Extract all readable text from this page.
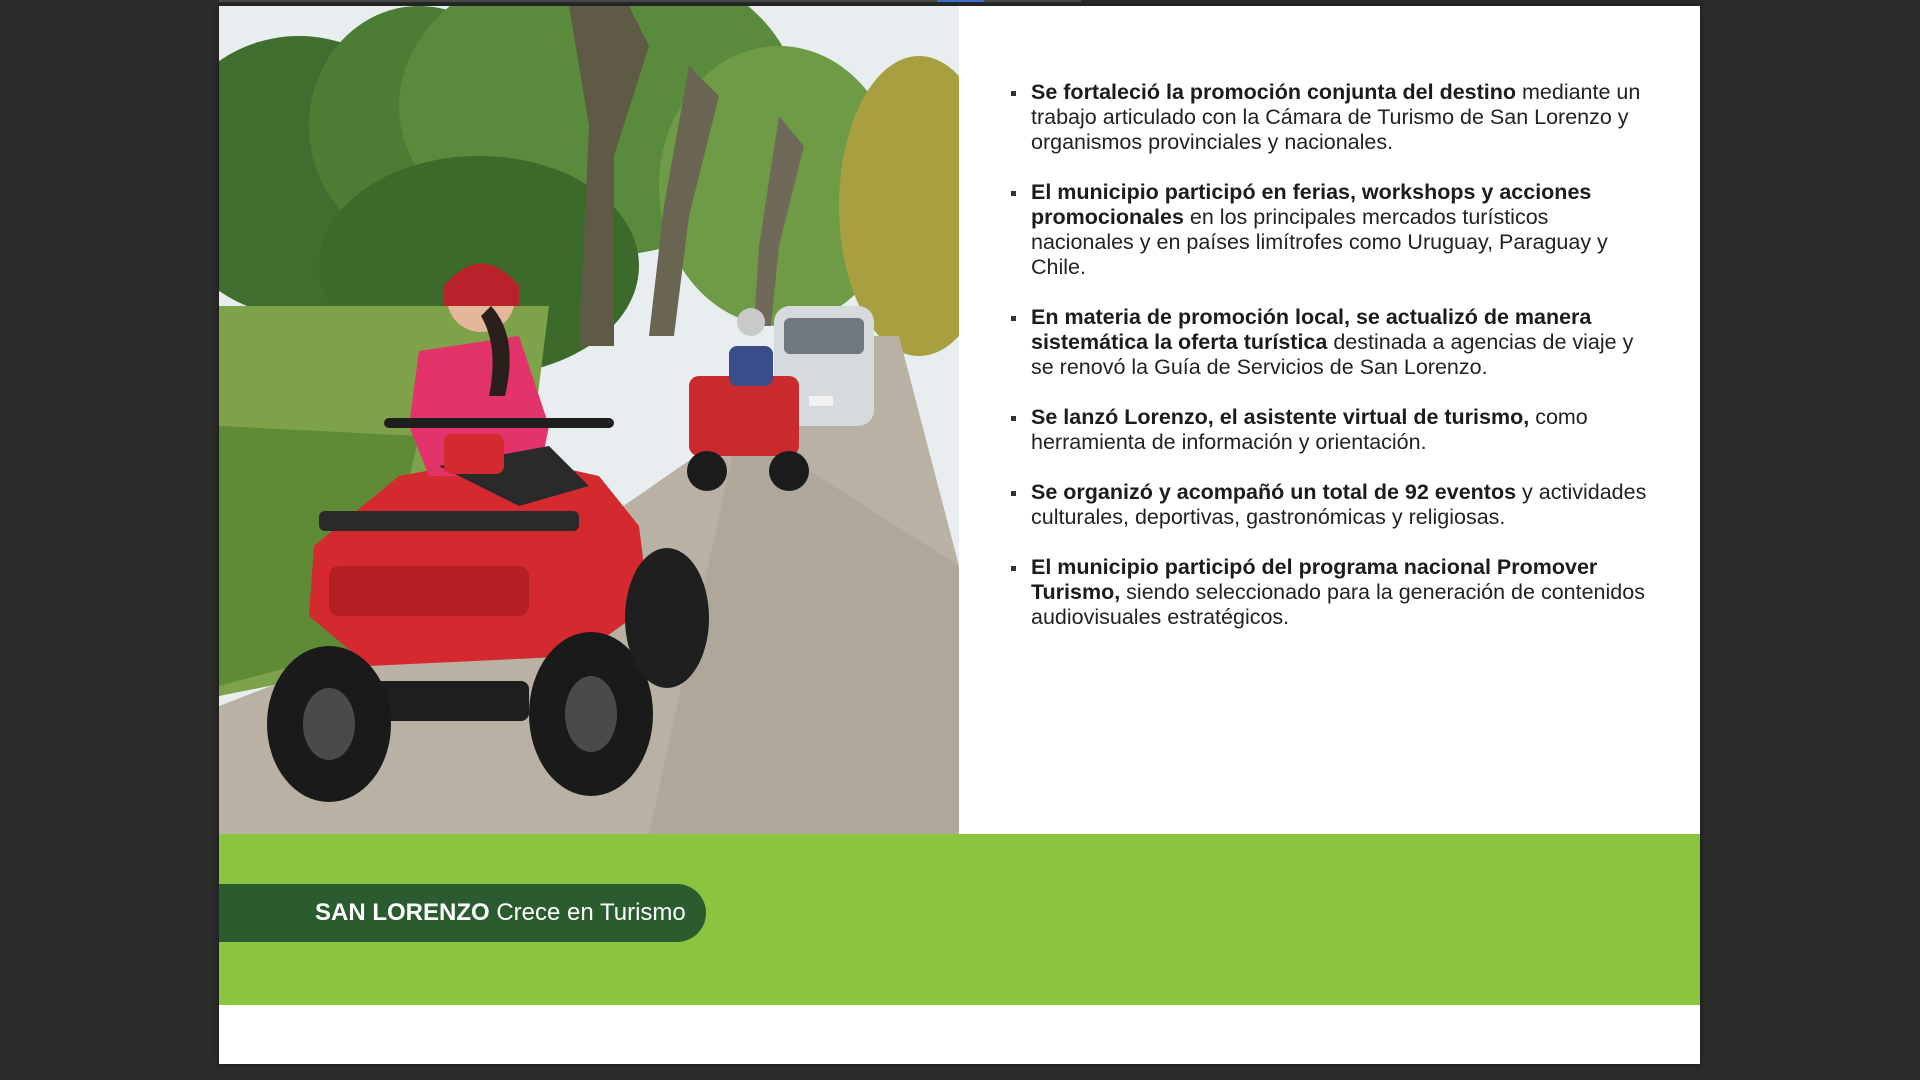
Se fortaleció la promoción conjunta del destino mediante un trabajo articulado con la Cámara de Turismo de San Lorenzo y organismos provinciales y nacionales.
El municipio participó en ferias, workshops y acciones promocionales en los principales mercados turísticos nacionales y en países limítrofes como Uruguay, Paraguay y Chile.
En materia de promoción local, se actualizó de manera sistemática la oferta turística destinada a agencias de viaje y se renovó la Guía de Servicios de San Lorenzo.
Se lanzó Lorenzo, el asistente virtual de turismo, como herramienta de información y orientación.
Se organizó y acompañó un total de 92 eventos y actividades culturales, deportivas, gastronómicas y religiosas.
El municipio participó del programa nacional Promover Turismo, siendo seleccionado para la generación de contenidos audiovisuales estratégicos.
SAN LORENZO Crece en Turismo
